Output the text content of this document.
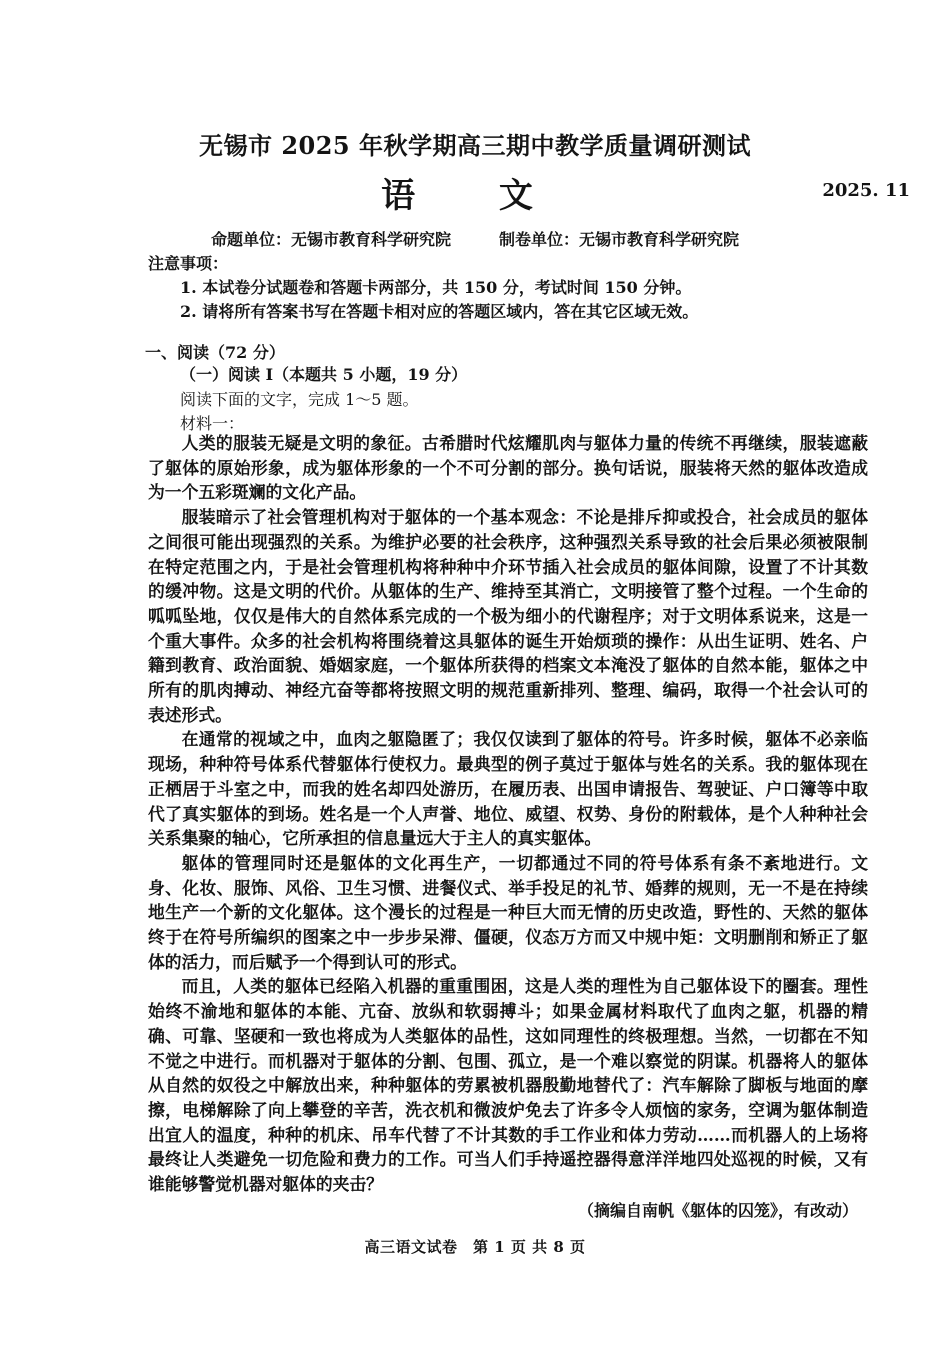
无锡市 2025 年秋学期高三期中教学质量调研测试
语 文	2025. 11
命题单位：无锡市教育科学研究院	制卷单位：无锡市教育科学研究院
注意事项：
1. 本试卷分试题卷和答题卡两部分，共 150 分，考试时间 150 分钟。
2. 请将所有答案书写在答题卡相对应的答题区域内，答在其它区域无效。
一、阅读（72 分）
（一）阅读 I（本题共 5 小题，19 分）
阅读下面的文字，完成 1～5 题。
材料一：

人类的服装无疑是文明的象征。古希腊时代炫耀肌肉与躯体力量的传统不再继续，服装遮蔽了躯体的原始形象，成为躯体形象的一个不可分割的部分。换句话说，服装将天然的躯体改造成为一个五彩斑斓的文化产品。

服装暗示了社会管理机构对于躯体的一个基本观念：不论是排斥抑或投合，社会成员的躯体之间很可能出现强烈的关系。为维护必要的社会秩序，这种强烈关系导致的社会后果必须被限制在特定范围之内，于是社会管理机构将种种中介环节插入社会成员的躯体间隙，设置了不计其数的缓冲物。这是文明的代价。从躯体的生产、维持至其消亡，文明接管了整个过程。一个生命的呱呱坠地，仅仅是伟大的自然体系完成的一个极为细小的代谢程序；对于文明体系说来，这是一个重大事件。众多的社会机构将围绕着这具躯体的诞生开始烦琐的操作：从出生证明、姓名、户籍到教育、政治面貌、婚姻家庭，一个躯体所获得的档案文本淹没了躯体的自然本能，躯体之中所有的肌肉搏动、神经亢奋等都将按照文明的规范重新排列、整理、编码，取得一个社会认可的表述形式。

在通常的视域之中，血肉之躯隐匿了；我仅仅读到了躯体的符号。许多时候，躯体不必亲临现场，种种符号体系代替躯体行使权力。最典型的例子莫过于躯体与姓名的关系。我的躯体现在正栖居于斗室之中，而我的姓名却四处游历，在履历表、出国申请报告、驾驶证、户口簿等中取代了真实躯体的到场。姓名是一个人声誉、地位、威望、权势、身份的附载体，是个人种种社会关系集聚的轴心，它所承担的信息量远大于主人的真实躯体。

躯体的管理同时还是躯体的文化再生产，一切都通过不同的符号体系有条不紊地进行。文身、化妆、服饰、风俗、卫生习惯、进餐仪式、举手投足的礼节、婚葬的规则，无一不是在持续地生产一个新的文化躯体。这个漫长的过程是一种巨大而无情的历史改造，野性的、天然的躯体终于在符号所编织的图案之中一步步呆滞、僵硬，仪态万方而又中规中矩：文明删削和矫正了躯体的活力，而后赋予一个得到认可的形式。

而且，人类的躯体已经陷入机器的重重围困，这是人类的理性为自己躯体设下的圈套。理性始终不渝地和躯体的本能、亢奋、放纵和软弱搏斗；如果金属材料取代了血肉之躯，机器的精确、可靠、坚硬和一致也将成为人类躯体的品性，这如同理性的终极理想。当然，一切都在不知不觉之中进行。而机器对于躯体的分割、包围、孤立，是一个难以察觉的阴谋。机器将人的躯体从自然的奴役之中解放出来，种种躯体的劳累被机器殷勤地替代了：汽车解除了脚板与地面的摩擦，电梯解除了向上攀登的辛苦，洗衣机和微波炉免去了许多令人烦恼的家务，空调为躯体制造出宜人的温度，种种的机床、吊车代替了不计其数的手工作业和体力劳动……而机器人的上场将最终让人类避免一切危险和费力的工作。可当人们手持遥控器得意洋洋地四处巡视的时候，又有谁能够警觉机器对躯体的夹击？

（摘编自南帆《躯体的囚笼》，有改动）
高三语文试卷　第 1 页 共 8 页
